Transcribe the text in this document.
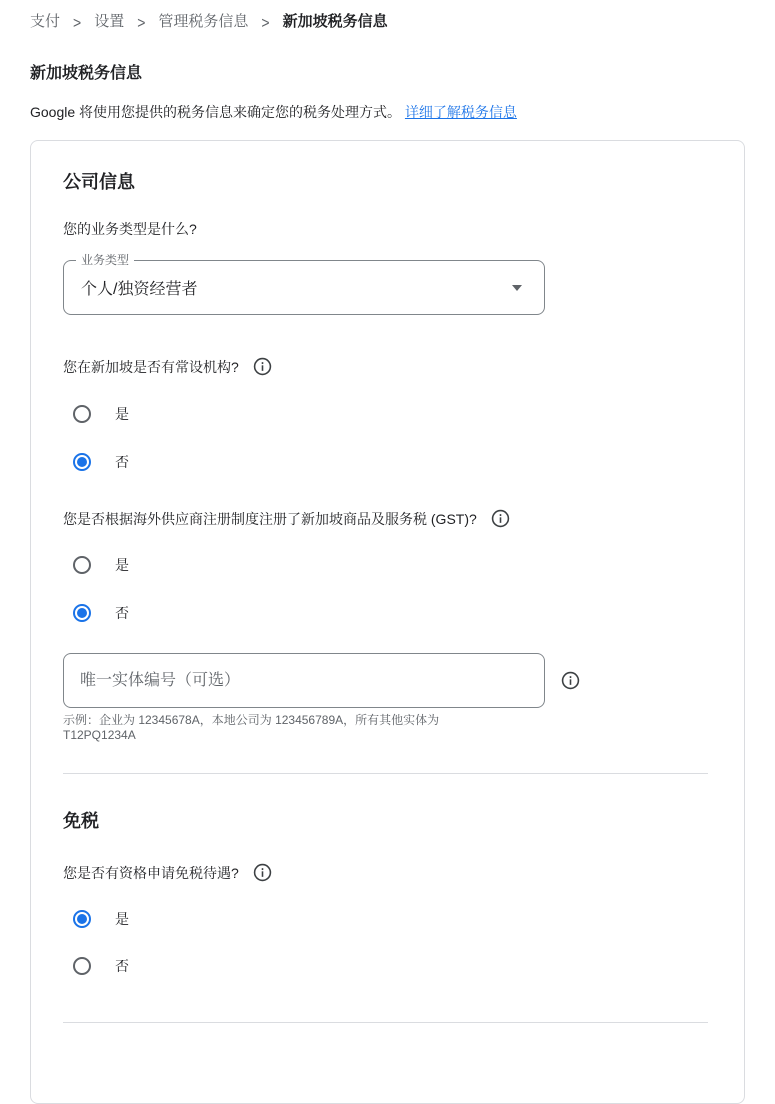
支付 > 设置 > 管理税务信息 > 新加坡税务信息
新加坡税务信息

Google 将使用您提供的税务信息来确定您的税务处理方式。 详细了解税务信息

公司信息

您的业务类型是什么?

业务类型
个人/独资经营者
您在新加坡是否有常设机构?
是
否
您是否根据海外供应商注册制度注册了新加坡商品及服务税 (GST)?
是
否
唯一实体编号（可选）

示例：企业为 12345678A，本地公司为 123456789A，所有其他实体为
T12PQ1234A

免税
您是否有资格申请免税待遇?
是
否
